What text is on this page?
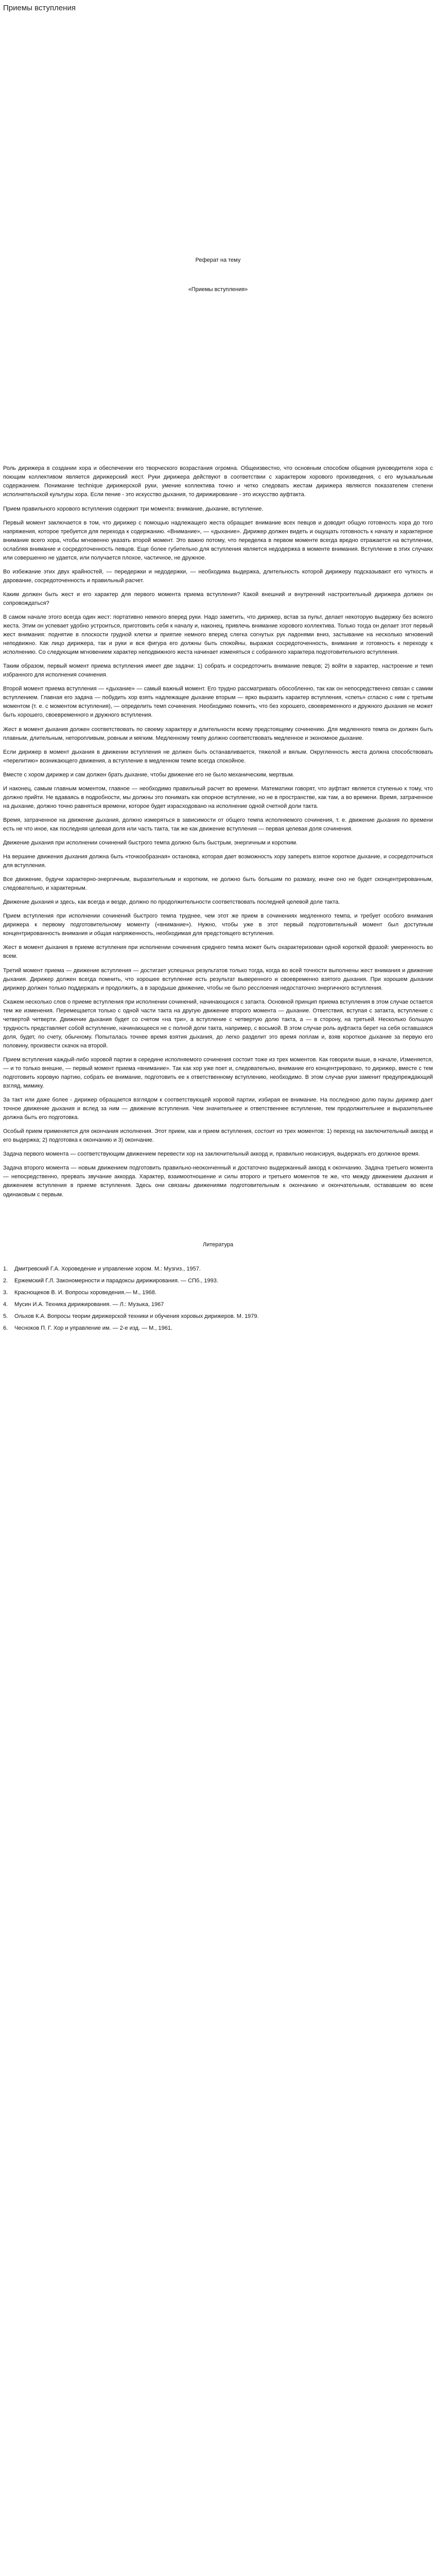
Приемы вступления

Реферат на тему

«Приемы вступления»

Роль дирижера в создании хора и обеспечении его творческого возрастания огромна. Общеизвестно, что основным способом общения руководителя хора с поющим коллективом является дирижерский жест. Руки дирижера действуют в соответствии с характером хорового произведения, с его музыкальным содержанием. Понимание technique дирижерской руки, умение коллектива точно и четко следовать жестам дирижера являются показателем степени исполнительской культуры хора. Если пение - это искусство дыхания, то дирижирование - это искусство ауфтакта.

Прием правильного хорового вступления содержит три момента: внимание, дыхание, вступление.

Первый момент заключается в том, что дирижер с помощью надлежащего жеста обращает внимание всех певцов и доводит общую готовность хора до того напряжения, которое требуется для перехода к содержанию. «Внимание», — «дыхание». Дирижер должен видеть и ощущать готовность к началу и характерное внимание всего хора, чтобы мгновенно указать второй момент. Это важно потому, что переделка в первом моменте всегда вредно отражается на вступлении, ослабляя внимание и сосредоточенность певцов. Еще более губительно для вступления является недодержка в моменте внимания. Вступление в этих случаях или совершенно не удается, или получается плохое, частичное, не дружное.

Во избежание этих двух крайностей, — передержки и недодержки, — необходима выдержка, длительность которой дирижеру подсказывают его чуткость и дарование, сосредоточенность и правильный расчет.

Каким должен быть жест и его характер для первого момента приема вступления? Какой внешний и внутренний настроительный дирижера должен он сопровождаться?

В самом начале этого всегда один жест: портативно немного вперед руки. Надо заметить, что дирижер, встав за пульт, делает некоторую выдержку без всякого жеста. Этим он успевает удобно устроиться, приготовить себя к началу и, наконец, привлечь внимание хорового коллектива. Только тогда он делает этот первый жест внимания: поднятие в плоскости грудной клетки и приятие немного вперед слегка согнутых рук ладонями вниз, застывание на несколько мгновений неподвижно. Как лицо дирижера, так и руки и вся фигура его должны быть спокойны, выражая сосредоточенность, внимание и готовность к переходу к исполнению. Со следующим мгновением характер неподвижного жеста начинает изменяться с собранного характера подготовительного вступления.

Таким образом, первый момент приема вступления имеет две задачи: 1) собрать и сосредоточить внимание певцов; 2) войти в характер, настроение и темп избранного для исполнения сочинения.

Второй момент приема вступления — «дыхание» — самый важный момент. Его трудно рассматривать обособленно, так как он непосредственно связан с самим вступлением. Главная его задача — побудить хор взять надлежащее дыхание вторым — ярко выразить характер вступления, «спеть» сгласно с ним с третьим моментом (т. е. с моментом вступления), — определить темп сочинения. Необходимо помнить, что без хорошего, своевременного и дружного дыхания не может быть хорошего, своевременного и дружного вступления.

Жест в момент дыхания должен соответствовать по своему характеру и длительности всему предстоящему сочинению. Для медленного темпа он должен быть плавным, длительным, неторопливым, ровным и мягким. Медленному темпу должно соответствовать медленное и экономное дыхание.

Если дирижер в момент дыхания в движении вступления не должен быть останавливается, тяжелой и вялым. Округленность жеста должна способствовать «перелитию» возникающего движения, а вступление в медленном темпе всегда спокойное.

Вместе с хором дирижер и сам должен брать дыхание, чтобы движение его не было механическим, мертвым.

И наконец, самым главным моментом, главное — необходимо правильный расчет во времени. Математики говорят, что ауфтакт является ступенью к тому, что должно прийти. Не вдаваясь в подробности, мы должны это понимать как опорное вступление, но не в пространстве, как там, а во времени. Время, затраченное на дыхание, должно точно равняться времени, которое будет израсходовано на исполнение одной счетной доли такта.

Время, затраченное на движение дыхания, должно измеряться в зависимости от общего темпа исполняемого сочинения, т. е. движение дыхания по времени есть не что иное, как последняя целевая доля или часть такта, так же как движение вступления — первая целевая доля сочинения.

Движение дыхания при исполнении сочинений быстрого темпа должно быть быстрым, энергичным и коротким.

На вершине движения дыхания должна быть «точкообразная» остановка, которая дает возможность хору запереть взятое короткое дыхание, и сосредоточиться для вступления.

Все движение, будучи характерно-энергичным, выразительным и коротким, не должно быть большим по размаху, иначе оно не будет сконцентрированным, следовательно, и характерным.

Движение дыхания и здесь, как всегда и везде, должно по продолжительности соответствовать последней целевой доле такта.

Прием вступления при исполнении сочинений быстрого темпа труднее, чем этот же прием в сочинениях медленного темпа, и требует особого внимания дирижера к первому подготовительному моменту («внимание»). Нужно, чтобы уже в этот первый подготовительный момент был доступным концентрированность внимания и общая напряженность, необходимая для предстоящего вступления.

Жест в момент дыхания в приеме вступления при исполнении сочинения среднего темпа может быть охарактеризован одной короткой фразой: умеренность во всем.

Третий момент приема — движение вступления — достигает успешных результатов только тогда, когда во всей точности выполнены жест внимания и движение дыхания. Дирижер должен всегда помнить, что хорошее вступление есть результат выверенного и своевременно взятого дыхания. При хорошем дыхании дирижер должен только поддержать и продолжить, а в зародыше движение, чтобы не было ресслоения недостаточно энергичного вступления.

Скажем несколько слов о приеме вступления при исполнении сочинений, начинающихся с затакта. Основной принцип приема вступления в этом случае остается тем же изменения. Перемещается только с одной части такта на другую движение второго момента — дыхание. Ответствия, вступая с затакта, вступление с четвертой четверти. Движение дыхания будет со счетом «на три», а вступление с четвертую долю такта, а — в сторону, на третьей. Несколько большую трудность представляет собой вступление, начинающееся не с полной доли такта, например, с восьмой. В этом случае роль ауфтакта берет на себя оставшаяся доля, будет, по счету, обычному. Попыталась точнее время взятия дыхания, до легко разделит это время поплам и, взяв короткое дыхание за первую его половину, произвести скачок на второй.

Прием вступления каждый-либо хоровой партии в середине исполняемого сочинения состоит тоже из трех моментов. Как говорили выше, в начале, Изменяется, — и то только внешне, — первый момент приема «внимание». Так как хор уже поет и, следовательно, внимание его концентрировано, то дирижер, вместе с тем подготовить хоровую партию, собрать ее внимание, подготовить ее к ответственному вступлению, необходимо. В этом случае руки заменит предупреждающий взгляд, мимику.

За такт или даже более - дирижер обращается взглядом к соответствующей хоровой партии, избирая ее внимание. На последнюю долю паузы дирижер дает точное движение дыхания и вслед за ним — движение вступления. Чем значительнее и ответственнее вступление, тем продолжительнее и выразительнее должна быть его подготовка.

Особый прием применяется для окончания исполнения. Этот прием, как и прием вступления, состоит из трех моментов: 1) переход на заключительный аккорд и его выдержка; 2) подготовка к окончанию и 3) окончание.

Задача первого момента — соответствующим движением перевести хор на заключительный аккорд и, правильно нюансируя, выдержать его должное время.

Задача второго момента — новым движением подготовить правильно-неоконченный и достаточно выдержанный аккорд к окончанию. Задача третьего момента — непосредственно, прервать звучание аккорда. Характер, взаимоотношение и силы второго и третьего моментов те же, что между движением дыхания и движением вступления в приеме вступления. Здесь они связаны движениями подготовительным к окончанию и окончательным, остававшем во всем одинаковым с первым.

Литература

1.	Дмитревский Г.А. Хороведение и управление хором. М.: Музгиз., 1957.
2.	Ержемский Г.Л. Закономерности и парадоксы дирижирования. — СПб., 1993.
3.	Краснощеков В. И. Вопросы хороведения.— М., 1968.
4.	Мусин И.А. Техника дирижирования. — Л.: Музыка, 1967
5.	Ольхов К.А. Вопросы теории дирижерской техники и обучения хоровых дирижеров. М. 1979.
6.	Чесноков П. Г. Хор и управление им. — 2-е изд. — М., 1961.
